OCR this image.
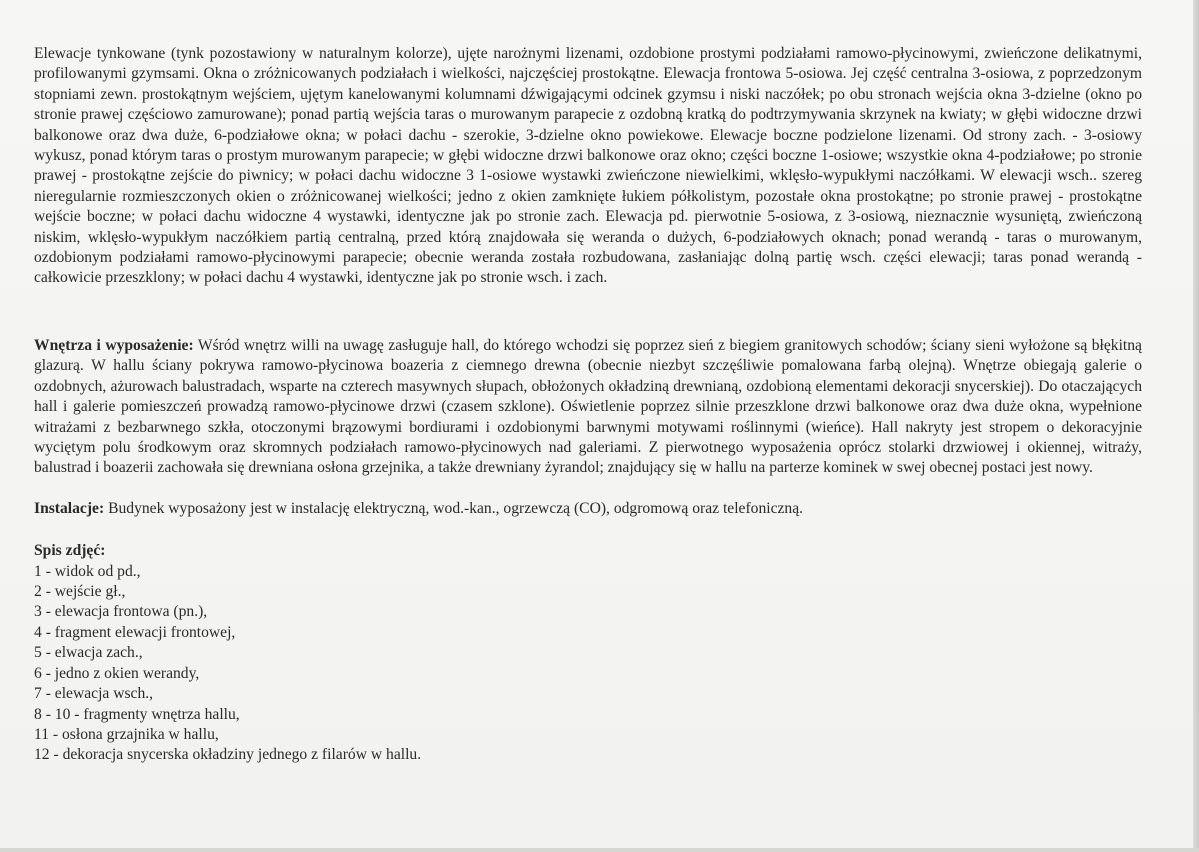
Elewacje tynkowane (tynk pozostawiony w naturalnym kolorze), ujęte narożnymi lizenami, ozdobione prostymi podziałami ramowo-płycinowymi, zwieńczone delikatnymi, profilowanymi gzymsami. Okna o zróżnicowanych podziałach i wielkości, najczęściej prostokątne. Elewacja frontowa 5-osiowa. Jej część centralna 3-osiowa, z poprzedzonym stopniami zewn. prostokątnym wejściem, ujętym kanelowanymi kolumnami dźwigającymi odcinek gzymsu i niski naczółek; po obu stronach wejścia okna 3-dzielne (okno po stronie prawej częściowo zamurowane); ponad partią wejścia taras o murowanym parapecie z ozdobną kratką do podtrzymywania skrzynek na kwiaty; w głębi widoczne drzwi balkonowe oraz dwa duże, 6-podziałowe okna; w połaci dachu - szerokie, 3-dzielne okno powiekowe. Elewacje boczne podzielone lizenami. Od strony zach. - 3-osiowy wykusz, ponad którym taras o prostym murowanym parapecie; w głębi widoczne drzwi balkonowe oraz okno; części boczne 1-osiowe; wszystkie okna 4-podziałowe; po stronie prawej - prostokątne zejście do piwnicy; w połaci dachu widoczne 3 1-osiowe wystawki zwieńczone niewielkimi, wklęsło-wypukłymi naczółkami. W elewacji wsch.. szereg nieregularnie rozmieszczonych okien o zróżnicowanej wielkości; jedno z okien zamknięte łukiem półkolistym, pozostałe okna prostokątne; po stronie prawej - prostokątne wejście boczne; w połaci dachu widoczne 4 wystawki, identyczne jak po stronie zach. Elewacja pd. pierwotnie 5-osiowa, z 3-osiową, nieznacznie wysuniętą, zwieńczoną niskim, wklęsło-wypukłym naczółkiem partią centralną, przed którą znajdowała się weranda o dużych, 6-podziałowych oknach; ponad werandą - taras o murowanym, ozdobionym podziałami ramowo-płycinowymi parapecie; obecnie weranda została rozbudowana, zasłaniając dolną partię wsch. części elewacji; taras ponad werandą - całkowicie przeszklony; w połaci dachu 4 wystawki, identyczne jak po stronie wsch. i zach.

Wnętrza i wyposażenie: Wśród wnętrz willi na uwagę zasługuje hall, do którego wchodzi się poprzez sień z biegiem granitowych schodów; ściany sieni wyłożone są błękitną glazurą. W hallu ściany pokrywa ramowo-płycinowa boazeria z ciemnego drewna (obecnie niezbyt szczęśliwie pomalowana farbą olejną). Wnętrze obiegają galerie o ozdobnych, ażurowach balustradach, wsparte na czterech masywnych słupach, obłożonych okładziną drewnianą, ozdobioną elementami dekoracji snycerskiej). Do otaczających hall i galerie pomieszczeń prowadzą ramowo-płycinowe drzwi (czasem szklone). Oświetlenie poprzez silnie przeszklone drzwi balkonowe oraz dwa duże okna, wypełnione witrażami z bezbarwnego szkła, otoczonymi brązowymi bordiurami i ozdobionymi barwnymi motywami roślinnymi (wieńce). Hall nakryty jest stropem o dekoracyjnie wyciętym polu środkowym oraz skromnych podziałach ramowo-płycinowych nad galeriami. Z pierwotnego wyposażenia oprócz stolarki drzwiowej i okiennej, witraży, balustrad i boazerii zachowała się drewniana osłona grzejnika, a także drewniany żyrandol; znajdujący się w hallu na parterze kominek w swej obecnej postaci jest nowy.

Instalacje: Budynek wyposażony jest w instalację elektryczną, wod.-kan., ogrzewczą (CO), odgromową oraz telefoniczną.

Spis zdjęć:
1 - widok od pd.,
2 - wejście gł.,
3 - elewacja frontowa (pn.),
4 - fragment elewacji frontowej,
5 - elwacja zach.,
6 - jedno z okien werandy,
7 - elewacja wsch.,
8 - 10 - fragmenty wnętrza hallu,
11 - osłona grzajnika w hallu,
12 - dekoracja snycerska okładziny jednego z filarów w hallu.
